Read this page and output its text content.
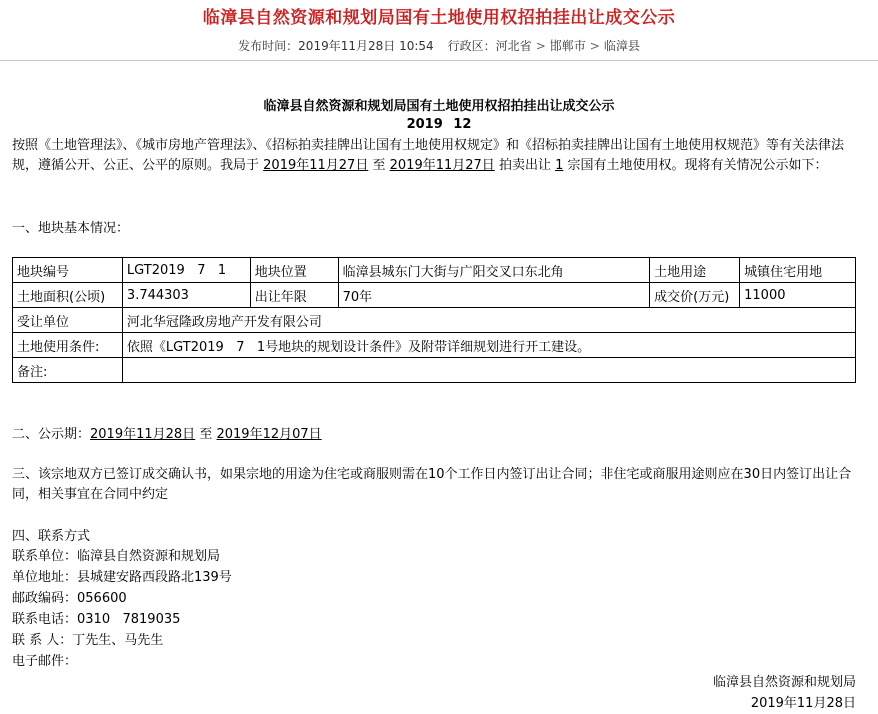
临漳县自然资源和规划局国有土地使用权招拍挂出让成交公示
发布时间：2019年11月28日 10:54 行政区：河北省 > 邯郸市 > 临漳县
临漳县自然资源和规划局国有土地使用权招拍挂出让成交公示
2019 12
按照《土地管理法》、《城市房地产管理法》、《招标拍卖挂牌出让国有土地使用权规定》和《招标拍卖挂牌出让国有土地使用权规范》等有关法律法规，遵循公开、公正、公平的原则。我局于 2019年11月27日 至 2019年11月27日 拍卖出让 1 宗国有土地使用权。现将有关情况公示如下：
一、地块基本情况：
地块编号	LGT2019   7   1	地块位置	临漳县城东门大街与广阳交叉口东北角	土地用途	城镇住宅用地
土地面积(公顷)	3.744303	出让年限	70年	成交价(万元)	11000
受让单位	河北华冠隆政房地产开发有限公司				
土地使用条件:	依照《LGT2019   7   1号地块的规划设计条件》及附带详细规划进行开工建设。				
备注:					
二、公示期：2019年11月28日 至 2019年12月07日
三、该宗地双方已签订成交确认书，如果宗地的用途为住宅或商服则需在10个工作日内签订出让合同；非住宅或商服用途则应在30日内签订出让合同，相关事宜在合同中约定
四、联系方式
联系单位：临漳县自然资源和规划局
单位地址：县城建安路西段路北139号
邮政编码：056600
联系电话：0310   7819035
联 系 人：丁先生、马先生
电子邮件：
临漳县自然资源和规划局
2019年11月28日
